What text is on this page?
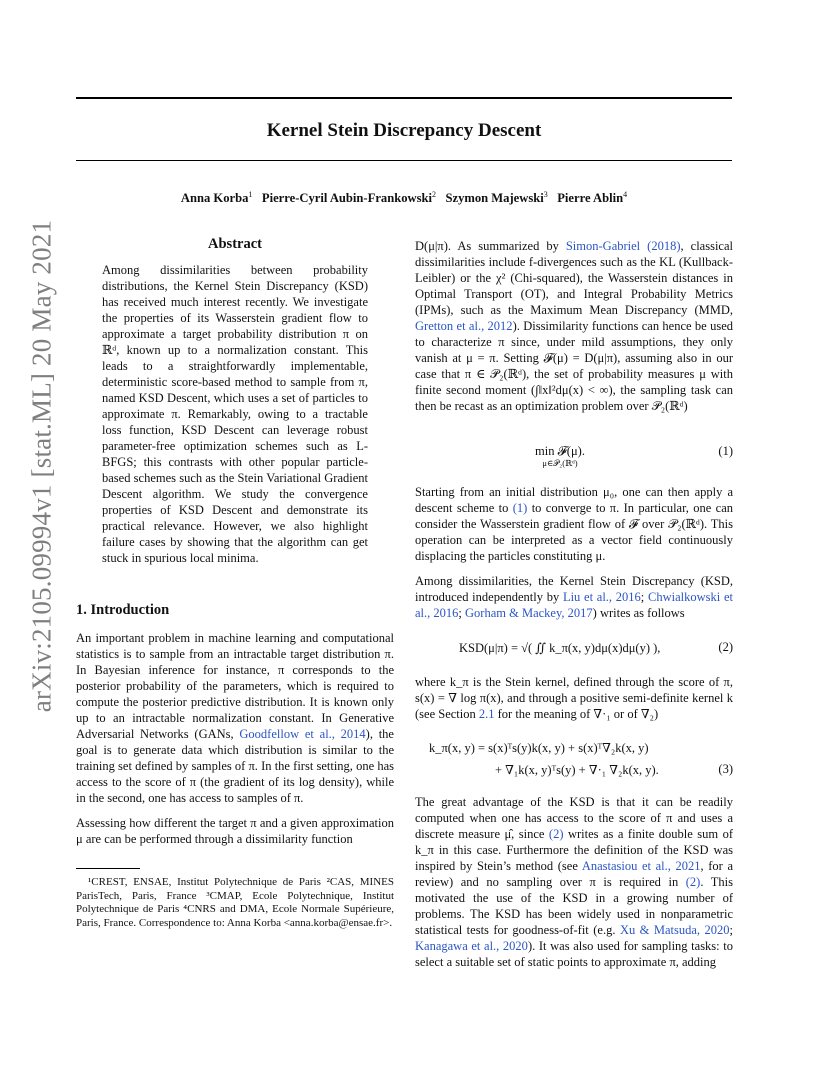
arXiv:2105.09994v1 [stat.ML] 20 May 2021
Kernel Stein Discrepancy Descent
Anna Korba$^1$ Pierre-Cyril Aubin-Frankowski$^2$ Szymon Majewski$^3$ Pierre Ablin$^4$
Abstract

Among dissimilarities between probability distributions, the Kernel Stein Discrepancy (KSD) has received much interest recently. We investigate the properties of its Wasserstein gradient flow to approximate a target probability distribution π on ℝᵈ, known up to a normalization constant. This leads to a straightforwardly implementable, deterministic score-based method to sample from π, named KSD Descent, which uses a set of particles to approximate π. Remarkably, owing to a tractable loss function, KSD Descent can leverage robust parameter-free optimization schemes such as L-BFGS; this contrasts with other popular particle-based schemes such as the Stein Variational Gradient Descent algorithm. We study the convergence properties of KSD Descent and demonstrate its practical relevance. However, we also highlight failure cases by showing that the algorithm can get stuck in spurious local minima.

1. Introduction

An important problem in machine learning and computational statistics is to sample from an intractable target distribution π. In Bayesian inference for instance, π corresponds to the posterior probability of the parameters, which is required to compute the posterior predictive distribution. It is known only up to an intractable normalization constant. In Generative Adversarial Networks (GANs, Goodfellow et al., 2014), the goal is to generate data which distribution is similar to the training set defined by samples of π. In the first setting, one has access to the score of π (the gradient of its log density), while in the second, one has access to samples of π.

Assessing how different the target π and a given approximation μ are can be performed through a dissimilarity function

¹CREST, ENSAE, Institut Polytechnique de Paris ²CAS, MINES ParisTech, Paris, France ³CMAP, Ecole Polytechnique, Institut Polytechnique de Paris ⁴CNRS and DMA, Ecole Normale Supérieure, Paris, France. Correspondence to: Anna Korba <anna.korba@ensae.fr>.

D(μ|π). As summarized by Simon-Gabriel (2018), classical dissimilarities include f-divergences such as the KL (Kullback-Leibler) or the χ² (Chi-squared), the Wasserstein distances in Optimal Transport (OT), and Integral Probability Metrics (IPMs), such as the Maximum Mean Discrepancy (MMD, Gretton et al., 2012). Dissimilarity functions can hence be used to characterize π since, under mild assumptions, they only vanish at μ = π. Setting 𝓕(μ) = D(μ|π), assuming also in our case that π ∈ 𝒫₂(ℝᵈ), the set of probability measures μ with finite second moment (∫‖x‖²dμ(x) < ∞), the sampling task can then be recast as an optimization problem over 𝒫₂(ℝᵈ)

min 𝓕(μ).
μ∈𝒫₂(ℝᵈ)
(1)

Starting from an initial distribution μ₀, one can then apply a descent scheme to (1) to converge to π. In particular, one can consider the Wasserstein gradient flow of 𝓕 over 𝒫₂(ℝᵈ). This operation can be interpreted as a vector field continuously displacing the particles constituting μ.

Among dissimilarities, the Kernel Stein Discrepancy (KSD, introduced independently by Liu et al., 2016; Chwialkowski et al., 2016; Gorham & Mackey, 2017) writes as follows

KSD(μ|π) = √( ∬ k_π(x, y)dμ(x)dμ(y) ),	(2)

where k_π is the Stein kernel, defined through the score of π, s(x) = ∇ log π(x), and through a positive semi-definite kernel k (see Section 2.1 for the meaning of ∇·₁ or of ∇₂)

k_π(x, y) = s(x)ᵀs(y)k(x, y) + s(x)ᵀ∇₂k(x, y)
+ ∇₁k(x, y)ᵀs(y) + ∇·₁ ∇₂k(x, y).	(3)

The great advantage of the KSD is that it can be readily computed when one has access to the score of π and uses a discrete measure μ̂, since (2) writes as a finite double sum of k_π in this case. Furthermore the definition of the KSD was inspired by Stein’s method (see Anastasiou et al., 2021, for a review) and no sampling over π is required in (2). This motivated the use of the KSD in a growing number of problems. The KSD has been widely used in nonparametric statistical tests for goodness-of-fit (e.g. Xu & Matsuda, 2020; Kanagawa et al., 2020). It was also used for sampling tasks: to select a suitable set of static points to approximate π, adding
